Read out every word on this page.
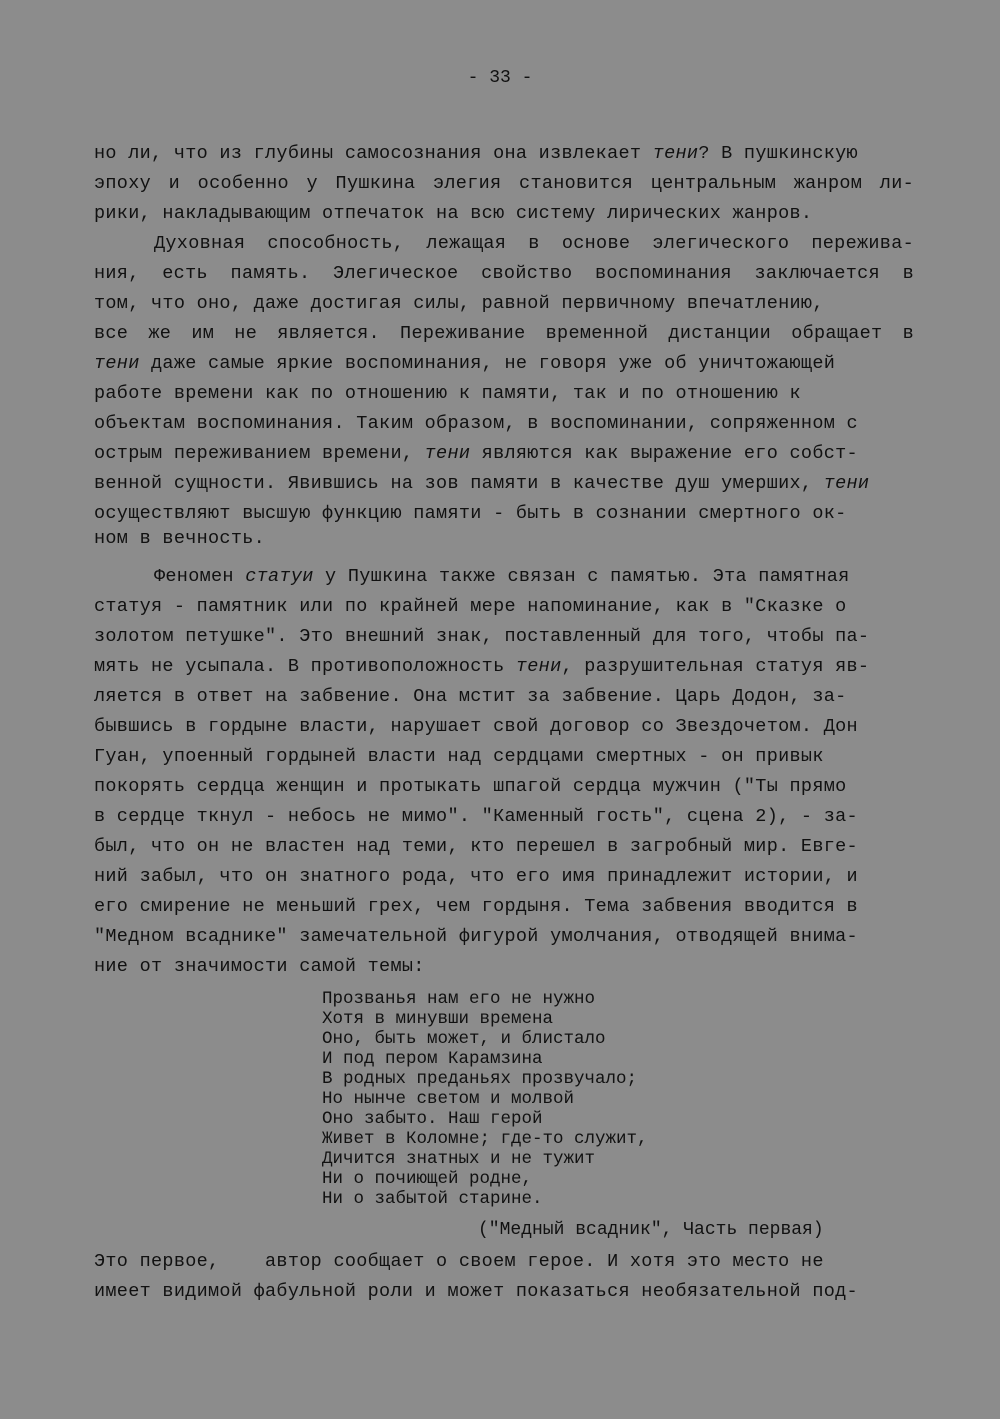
- 33 -
но ли, что из глубины самосознания она извлекает тени? В пушкинскую
эпоху и особенно у Пушкина элегия становится центральным жанром ли-
рики, накладывающим отпечаток на всю систему лирических жанров.
Духовная способность, лежащая в основе элегического пережива-
ния, есть память. Элегическое свойство воспоминания заключается в
том, что оно, даже достигая силы, равной первичному впечатлению,
все же им не является. Переживание временной дистанции обращает в
тени даже самые яркие воспоминания, не говоря уже об уничтожающей
работе времени как по отношению к памяти, так и по отношению к
объектам воспоминания. Таким образом, в воспоминании, сопряженном с
острым переживанием времени, тени являются как выражение его собст-
венной сущности. Явившись на зов памяти в качестве душ умерших, тени
осуществляют высшую функцию памяти - быть в сознании смертного ок-
ном в вечность.
Феномен статуи у Пушкина также связан с памятью. Эта памятная
статуя - памятник или по крайней мере напоминание, как в "Сказке о
золотом петушке". Это внешний знак, поставленный для того, чтобы па-
мять не усыпала. В противоположность тени, разрушительная статуя яв-
ляется в ответ на забвение. Она мстит за забвение. Царь Додон, за-
бывшись в гордыне власти, нарушает свой договор со Звездочетом. Дон
Гуан, упоенный гордыней власти над сердцами смертных - он привык
покорять сердца женщин и протыкать шпагой сердца мужчин ("Ты прямо
в сердце ткнул - небось не мимо". "Каменный гость", сцена 2), - за-
был, что он не властен над теми, кто перешел в загробный мир. Евге-
ний забыл, что он знатного рода, что его имя принадлежит истории, и
его смирение не меньший грех, чем гордыня. Тема забвения вводится в
"Медном всаднике" замечательной фигурой умолчания, отводящей внима-
ние от значимости самой темы:
Прозванья нам его не нужно
Хотя в минувши времена
Оно, быть может, и блистало
И под пером Карамзина
В родных преданьях прозвучало;
Но нынче светом и молвой
Оно забыто. Наш герой
Живет в Коломне; где-то служит,
Дичится знатных и не тужит
Ни о почиющей родне,
Ни о забытой старине.
("Медный всадник", Часть первая)
Это первое,    автор сообщает о своем герое. И хотя это место не
имеет видимой фабульной роли и может показаться необязательной под-
